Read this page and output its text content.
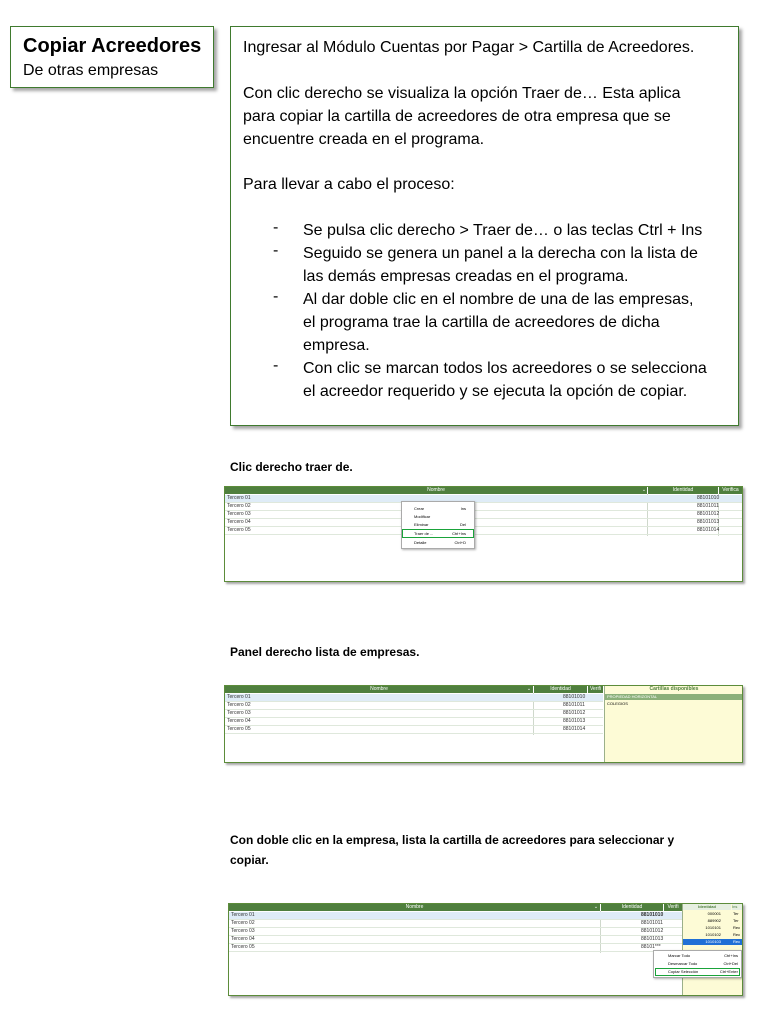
Copiar Acreedores
De otras empresas
Ingresar al Módulo Cuentas por Pagar > Cartilla de Acreedores.
Con clic derecho se visualiza la opción Traer de… Esta aplica
para copiar la cartilla de acreedores de otra empresa que se
encuentre creada en el programa.
Para llevar a cabo el proceso:
- Se pulsa clic derecho > Traer de… o las teclas Ctrl + Ins
- Seguido se genera un panel a la derecha con la lista de
las demás empresas creadas en el programa.
- Al dar doble clic en el nombre de una de las empresas,
el programa trae la cartilla de acreedores de dicha
empresa.
- Con clic se marcan todos los acreedores o se selecciona
el acreedor requerido y se ejecuta la opción de copiar.
Clic derecho traer de.
Nombre	⌄	Identidad	Verifica
Tercero 01	88101010
Tercero 02	88101011
Tercero 03	88101012
Tercero 04	88101013
Tercero 05	88101014
Crear	Ins
Modificar
Eliminar	Del
Traer de ...	Ctrl+Ins
Detalle	Ctrl+D
Panel derecho lista de empresas.
Nombre	⌄	Identidad	Verifi
Tercero 01	88101010
Tercero 02	88101011
Tercero 03	88101012
Tercero 04	88101013
Tercero 05	88101014
Cartillas disponibles
PROPIEDAD HORIZONTAL
COLEGIOS
Con doble clic en la empresa, lista la cartilla de acreedores para seleccionar y
copiar.
Nombre	⌄	Identidad	Verifi
Tercero 01	88101010
Tercero 02	88101011
Tercero 03	88101012
Tercero 04	88101013
Tercero 05	88101***
Identidad	Ins
000001	Ter
889902	Ter
1010101	Rec
1010102	Rec
1010103	Rec
Marcar Todo	Ctrl+Ins
Desmarcar Todo	Ctrl+Del
Copiar Selección	Ctrl+Enter
